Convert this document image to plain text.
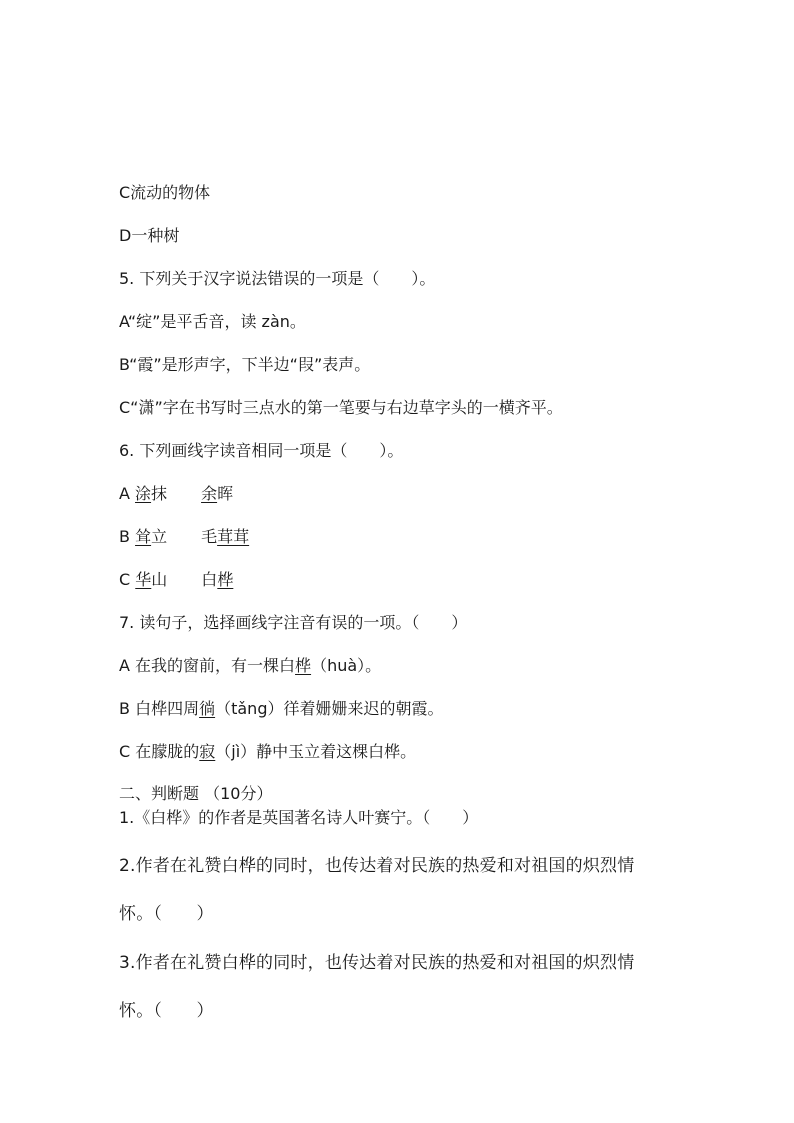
C流动的物体
D一种树
5. 下列关于汉字说法错误的一项是（　　）。
A“绽”是平舌音，读 zàn。
B“霞”是形声字，下半边“叚”表声。
C“潇”字在书写时三点水的第一笔要与右边草字头的一横齐平。
6. 下列画线字读音相同一项是（　　）。
A 涂抹 余晖
B 耸立 毛茸茸
C 华山 白桦
7. 读句子，选择画线字注音有误的一项。（　　）
A 在我的窗前，有一棵白桦（huà）。
B 白桦四周徜（tǎng）徉着姗姗来迟的朝霞。
C 在朦胧的寂（jì）静中玉立着这棵白桦。
二、判断题 （10分）
1.《白桦》的作者是英国著名诗人叶赛宁。（　　）
2.作者在礼赞白桦的同时，也传达着对民族的热爱和对祖国的炽烈情
怀。（　　）
3.作者在礼赞白桦的同时，也传达着对民族的热爱和对祖国的炽烈情
怀。（　　）
